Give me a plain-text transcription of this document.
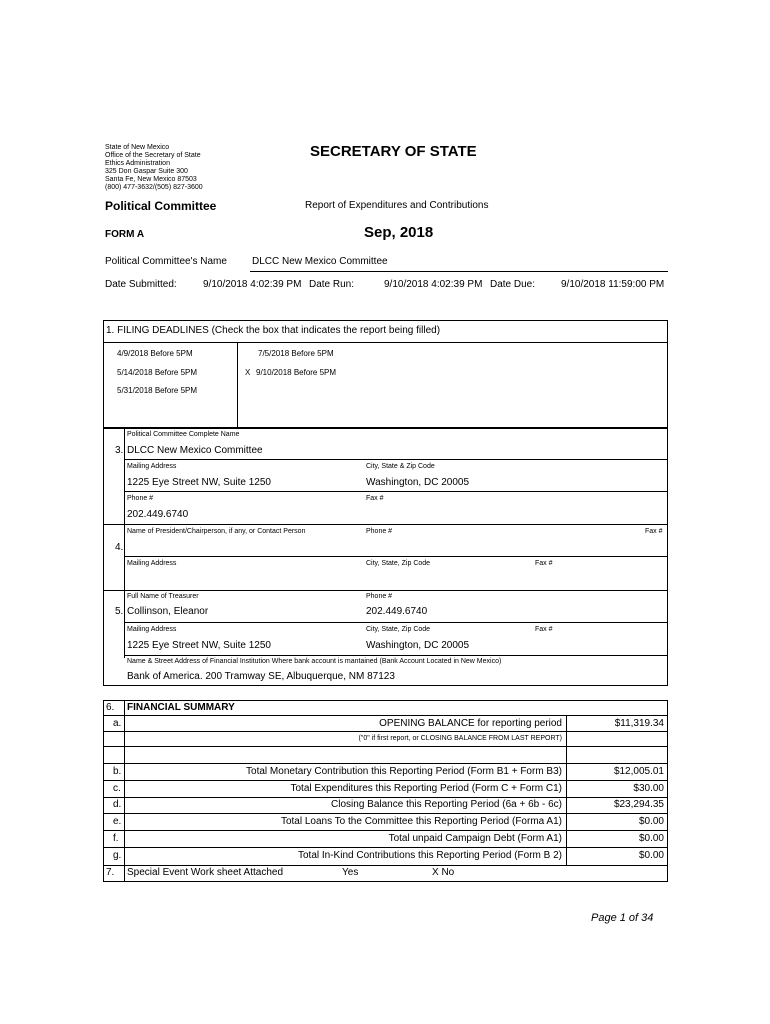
State of New Mexico
Office of the Secretary of State
Ethics Administration
325 Don Gaspar Suite 300
Santa Fe, New Mexico 87503
(800) 477-3632/(505) 827-3600
SECRETARY OF STATE
Political Committee	Report of Expenditures and Contributions
FORM A	Sep, 2018
Political Committee's Name	DLCC New Mexico Committee
Date Submitted:	9/10/2018 4:02:39 PM Date Run:	9/10/2018 4:02:39 PM Date Due:	9/10/2018 11:59:00 PM
1. FILING DEADLINES (Check the box that indicates the report being filled)
4/9/2018 Before 5PM
5/14/2018 Before 5PM
5/31/2018 Before 5PM
7/5/2018 Before 5PM
X 9/10/2018 Before 5PM
Political Committee Complete Name
3. DLCC New Mexico Committee
Mailing Address	City, State & Zip Code
1225 Eye Street NW, Suite 1250	Washington, DC 20005
Phone #	Fax #
202.449.6740
Name of President/Chairperson, if any, or Contact Person	Phone #	Fax #
4.
Mailing Address	City, State, Zip Code	Fax #
Full Name of Treasurer	Phone #
5. Collinson, Eleanor	202.449.6740
Mailing Address	City, State, Zip Code	Fax #
1225 Eye Street NW, Suite 1250	Washington, DC 20005
Name & Street Address of Financial Institution Where bank account is mantained (Bank Account Located in New Mexico)
Bank of America. 200 Tramway SE, Albuquerque, NM 87123
6. FINANCIAL SUMMARY
a.	OPENING BALANCE for reporting period	$11,319.34
("0" if first report, or CLOSING BALANCE FROM LAST REPORT)
b.	Total Monetary Contribution this Reporting Period (Form B1 + Form B3)	$12,005.01
c.	Total Expenditures this Reporting Period (Form C + Form C1)	$30.00
d.	Closing Balance this Reporting Period (6a + 6b - 6c)	$23,294.35
e.	Total Loans To the Committee this Reporting Period (Forma A1)	$0.00
f.	Total unpaid Campaign Debt (Form A1)	$0.00
g.	Total In-Kind Contributions this Reporting Period (Form B 2)	$0.00
7. Special Event Work sheet Attached	Yes	X No
Page 1 of 34
